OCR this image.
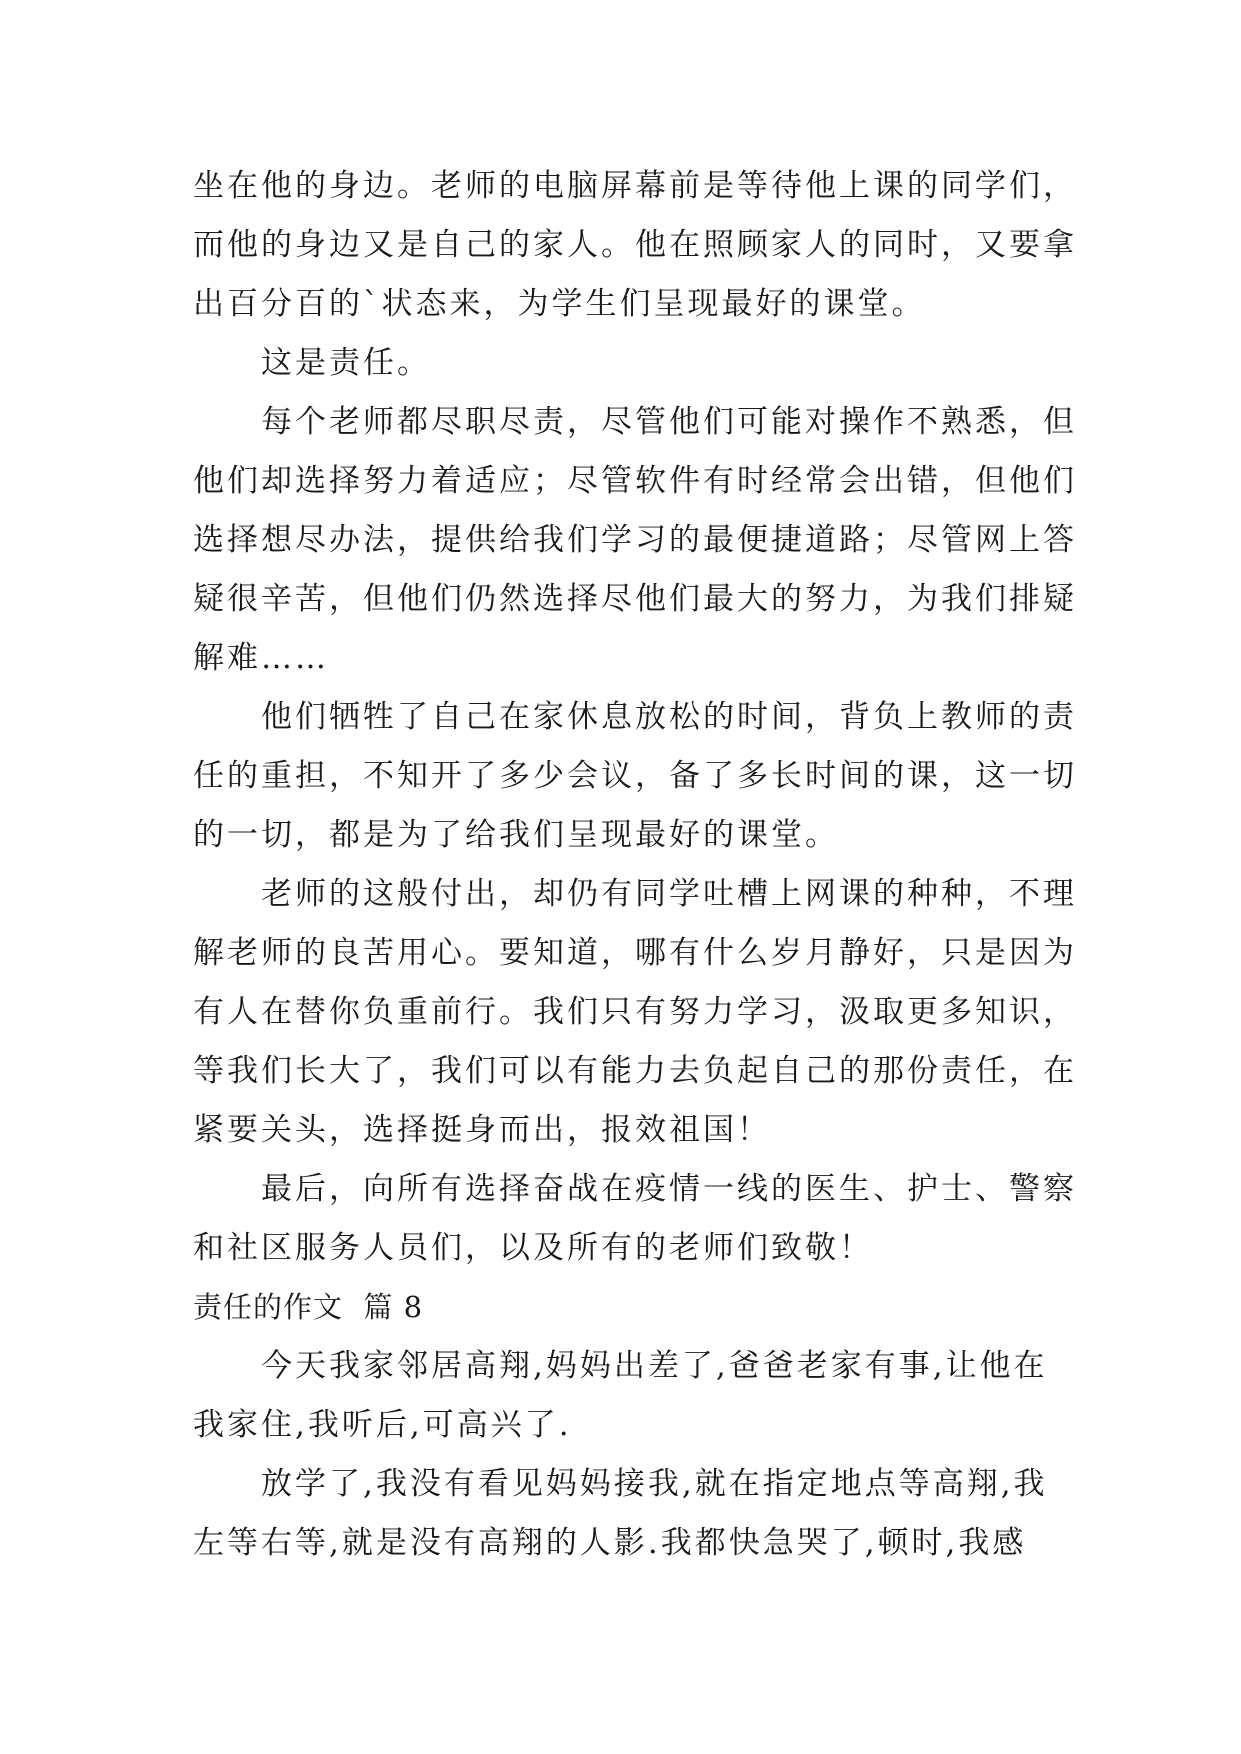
坐在他的身边。老师的电脑屏幕前是等待他上课的同学们，
而他的身边又是自己的家人。他在照顾家人的同时，又要拿
出百分百的`状态来，为学生们呈现最好的课堂。
这是责任。
每个老师都尽职尽责，尽管他们可能对操作不熟悉，但
他们却选择努力着适应；尽管软件有时经常会出错，但他们
选择想尽办法，提供给我们学习的最便捷道路；尽管网上答
疑很辛苦，但他们仍然选择尽他们最大的努力，为我们排疑
解难……
他们牺牲了自己在家休息放松的时间，背负上教师的责
任的重担，不知开了多少会议，备了多长时间的课，这一切
的一切，都是为了给我们呈现最好的课堂。
老师的这般付出，却仍有同学吐槽上网课的种种，不理
解老师的良苦用心。要知道，哪有什么岁月静好，只是因为
有人在替你负重前行。我们只有努力学习，汲取更多知识，
等我们长大了，我们可以有能力去负起自己的那份责任，在
紧要关头，选择挺身而出，报效祖国！
最后，向所有选择奋战在疫情一线的医生、护士、警察
和社区服务人员们，以及所有的老师们致敬！
责任的作文  篇 8
今天我家邻居高翔,妈妈出差了,爸爸老家有事,让他在
我家住,我听后,可高兴了.
放学了,我没有看见妈妈接我,就在指定地点等高翔,我
左等右等,就是没有高翔的人影.我都快急哭了,顿时,我感
